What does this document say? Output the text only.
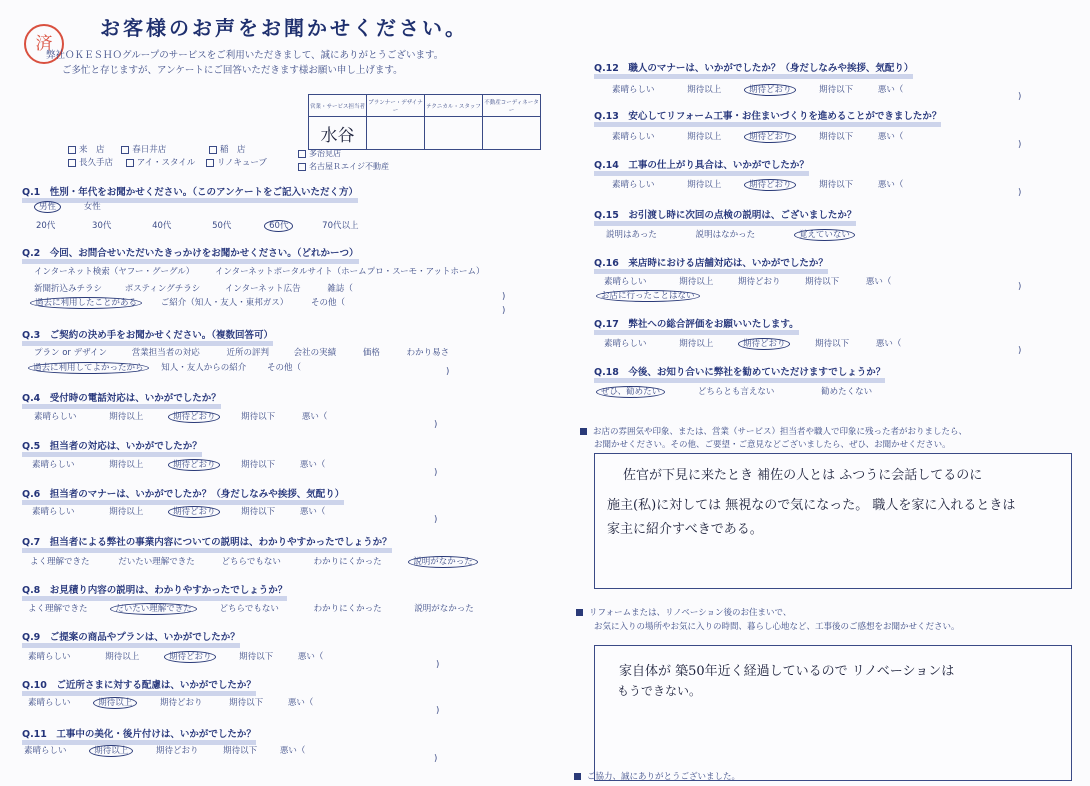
済
お客様のお声をお聞かせください。
弊社ＯＫＥＳＨＯグループのサービスをご利用いただきまして、誠にありがとうございます。
ご多忙と存じますが、アンケートにご回答いただきます様お願い申し上げます。
営業・サービス担当者	プランナー・デザイナー	テクニカル・スタッフ	不動産コーディネーター
水谷			
来　店	春日井店	稲　店
長久手店	アイ・スタイル	リノキューブ
多治見店
名古屋Ｒエイジ不動産
Q.1　性別・年代をお聞かせください。（このアンケートをご記入いただく方）
男性	女性
20代	30代	40代	50代	60代	70代以上
Q.2　今回、お問合せいただいたきっかけをお聞かせください。（どれかーつ）
インターネット検索（ヤフー・グーグル） インターネットポータルサイト（ホームプロ・スーモ・アットホーム）
新聞折込みチラシ	ポスティングチラシ	インターネット広告	雑誌（
)
過去に利用したことがある	ご紹介（知人・友人・東邦ガス）	その他（
)
Q.3　ご契約の決め手をお聞かせください。（複数回答可）
プラン or デザイン	営業担当者の対応	近所の評判	会社の実績	価格	わかり易さ
過去に利用してよかったから 知人・友人からの紹介 その他（	)
Q.4　受付時の電話対応は、いかがでしたか？
素晴らしい	期待以上	期待どおり	期待以下	悪い（
)
Q.5　担当者の対応は、いかがでしたか？
素晴らしい	期待以上	期待どおり	期待以下	悪い（
)
Q.6　担当者のマナーは、いかがでしたか？（身だしなみや挨拶、気配り）
素晴らしい	期待以上	期待どおり	期待以下	悪い（
)
Q.7　担当者による弊社の事業内容についての説明は、わかりやすかったでしょうか？
よく理解できた	だいたい理解できた	どちらでもない	わかりにくかった	説明がなかった
Q.8　お見積り内容の説明は、わかりやすかったでしょうか？
よく理解できた	だいたい理解できた	どちらでもない	わかりにくかった	説明がなかった
Q.9　ご提案の商品やプランは、いかがでしたか？
素晴らしい	期待以上	期待どおり	期待以下	悪い（
)
Q.10　ご近所さまに対する配慮は、いかがでしたか？
素晴らしい	期待以上	期待どおり	期待以下	悪い（
)
Q.11　工事中の美化・後片付けは、いかがでしたか？
素晴らしい	期待以上	期待どおり	期待以下	悪い（
)
Q.12　職人のマナーは、いかがでしたか？（身だしなみや挨拶、気配り）
素晴らしい	期待以上	期待どおり	期待以下	悪い（
)
Q.13　安心してリフォーム工事・お住まいづくりを進めることができましたか？
素晴らしい	期待以上	期待どおり	期待以下	悪い（
)
Q.14　工事の仕上がり具合は、いかがでしたか？
素晴らしい	期待以上	期待どおり	期待以下	悪い（
)
Q.15　お引渡し時に次回の点検の説明は、ございましたか？
説明はあった	説明はなかった	覚えていない
Q.16　来店時における店舗対応は、いかがでしたか？
素晴らしい	期待以上	期待どおり	期待以下	悪い（	)
お店に行ったことはない
Q.17　弊社への総合評価をお願いいたします。
素晴らしい	期待以上	期待どおり	期待以下	悪い（
)
Q.18　今後、お知り合いに弊社を勧めていただけますでしょうか？
ぜひ、勧めたい	どちらとも言えない	勧めたくない
お店の雰囲気や印象、または、営業（サービス）担当者や職人で印象に残った者がおりましたら、
お聞かせください。その他、ご要望・ご意見などございましたら、ぜひ、お聞かせください。
佐官が下見に来たとき 補佐の人とは ふつうに会話してるのに
施主(私)に対しては 無視なので気になった。 職人を家に入れるときは
家主に紹介すべきである。
リフォームまたは、リノベーション後のお住まいで、
お気に入りの場所やお気に入りの時間、暮らし心地など、工事後のご感想をお聞かせください。
家自体が 築50年近く経過しているので リノベーションは
もうできない。
ご協力、誠にありがとうございました。
